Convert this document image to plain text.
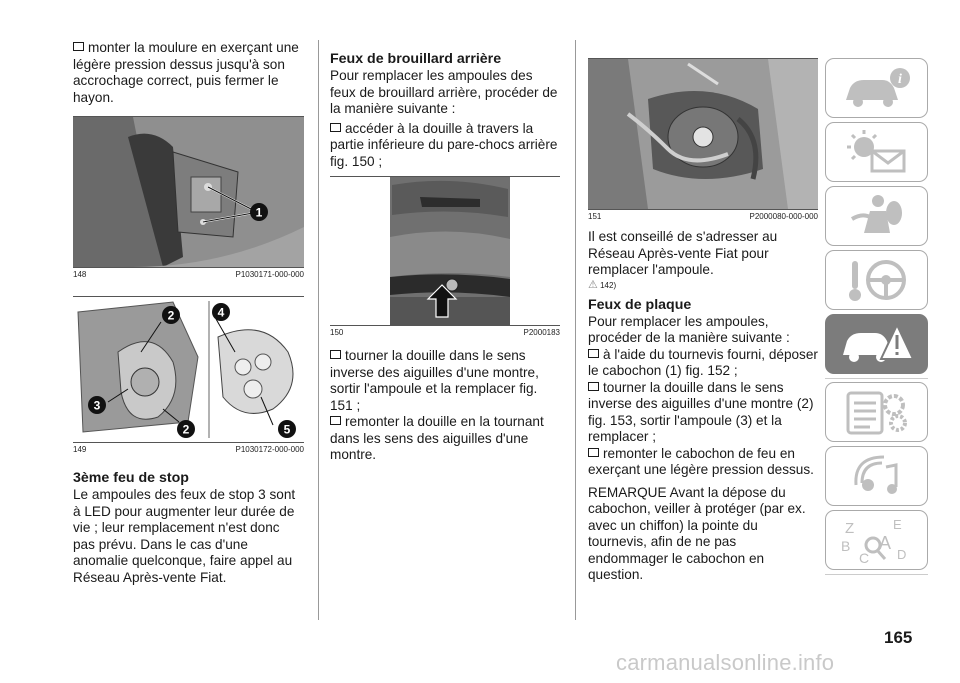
monter la moulure en exerçant une légère pression dessus jusqu'à son accrochage correct, puis fermer le hayon.

1
148	P1030171-000-000
2
3
2
4
5
149	P1030172-000-000
3ème feu de stop

Le ampoules des feux de stop 3 sont à LED pour augmenter leur durée de vie ; leur remplacement n'est donc pas prévu. Dans le cas d'une anomalie quelconque, faire appel au Réseau Après-vente Fiat.

Feux de brouillard arrière

Pour remplacer les ampoules des feux de brouillard arrière, procéder de la manière suivante :

accéder à la douille à travers la partie inférieure du pare-chocs arrière fig. 150 ;

150	P2000183

tourner la douille dans le sens inverse des aiguilles d'une montre, sortir l'ampoule et la remplacer fig. 151 ;

remonter la douille en la tournant dans les sens des aiguilles d'une montre.

151	P2000080-000-000

Il est conseillé de s'adresser au Réseau Après-vente Fiat pour remplacer l'ampoule.

⚠ 142)
Feux de plaque

Pour remplacer les ampoules, procéder de la manière suivante :

à l'aide du tournevis fourni, déposer le cabochon (1) fig. 152 ;

tourner la douille dans le sens inverse des aiguilles d'une montre (2) fig. 153, sortir l'ampoule (3) et la remplacer ;

remonter le cabochon de feu en exerçant une légère pression dessus.

REMARQUE Avant la dépose du cabochon, veiller à protéger (par ex. avec un chiffon) la pointe du tournevis, afin de ne pas endommager le cabochon en question.

i
Z	E
B A
C D
165
carmanualsonline.info
